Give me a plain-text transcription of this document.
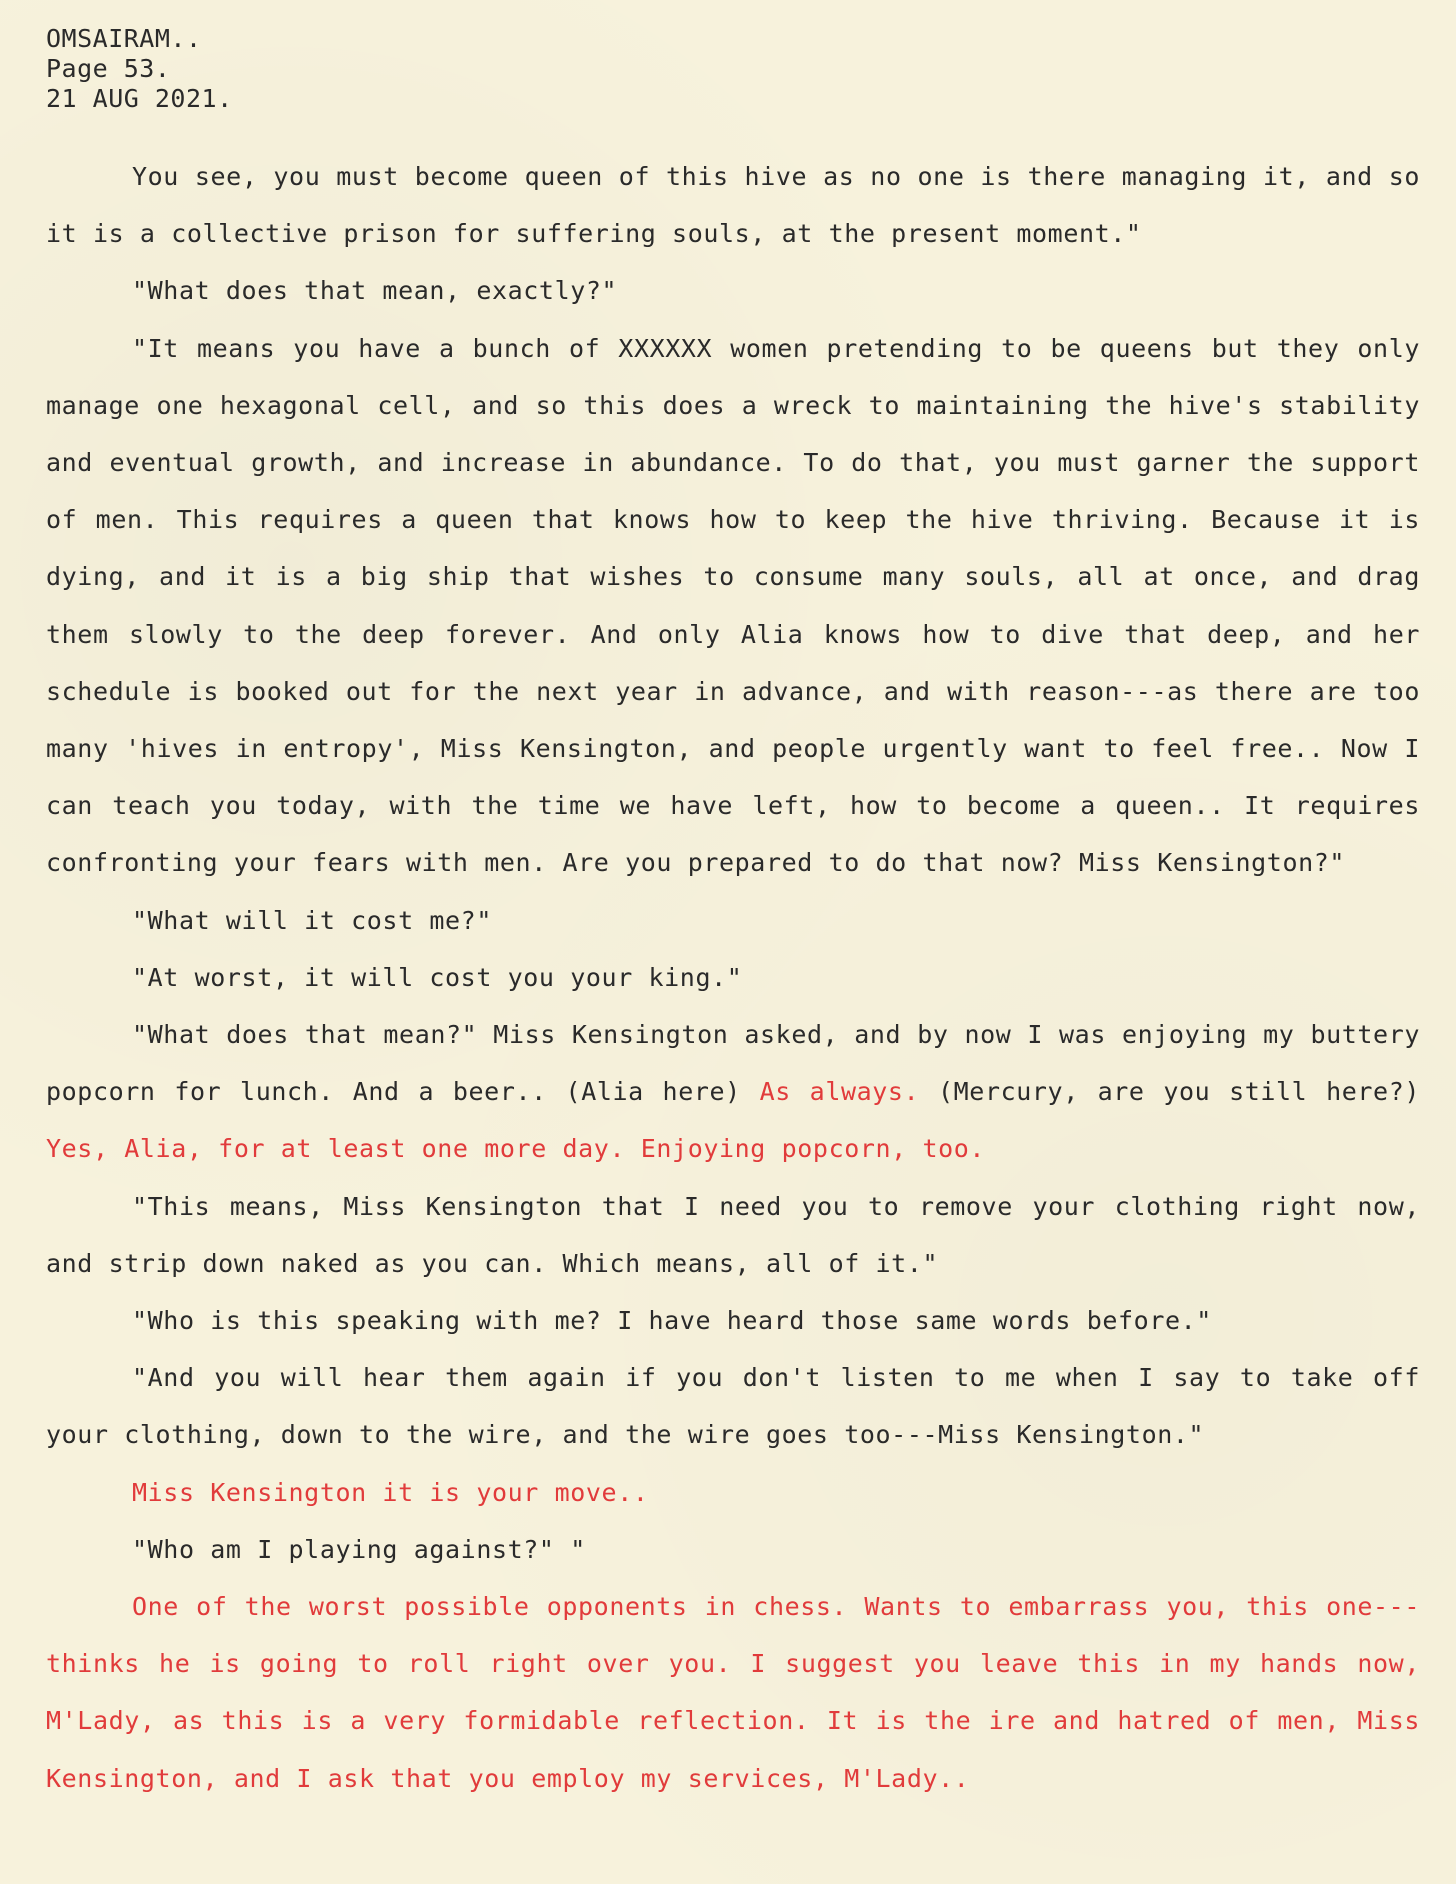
OMSAIRAM..
Page 53.
21 AUG 2021.

You see, you must become queen of this hive as no one is there managing it, and so it is a collective prison for suffering souls, at the present moment."

"What does that mean, exactly?"

"It means you have a bunch of XXXXXX women pretending to be queens but they only manage one hexagonal cell, and so this does a wreck to maintaining the hive's stability and eventual growth, and increase in abundance. To do that, you must garner the support of men. This requires a queen that knows how to keep the hive thriving. Because it is dying, and it is a big ship that wishes to consume many souls, all at once, and drag them slowly to the deep forever. And only Alia knows how to dive that deep, and her schedule is booked out for the next year in advance, and with reason---as there are too many 'hives in entropy', Miss Kensington, and people urgently want to feel free.. Now I can teach you today, with the time we have left, how to become a queen.. It requires confronting your fears with men. Are you prepared to do that now? Miss Kensington?"

"What will it cost me?"

"At worst, it will cost you your king."

"What does that mean?" Miss Kensington asked, and by now I was enjoying my buttery popcorn for lunch. And a beer.. (Alia here) As always. (Mercury, are you still here?) Yes, Alia, for at least one more day. Enjoying popcorn, too.

"This means, Miss Kensington that I need you to remove your clothing right now, and strip down naked as you can. Which means, all of it."

"Who is this speaking with me? I have heard those same words before."

"And you will hear them again if you don't listen to me when I say to take off your clothing, down to the wire, and the wire goes too---Miss Kensington."

Miss Kensington it is your move..

"Who am I playing against?" "

One of the worst possible opponents in chess. Wants to embarrass you, this one---thinks he is going to roll right over you. I suggest you leave this in my hands now, M'Lady, as this is a very formidable reflection. It is the ire and hatred of men, Miss Kensington, and I ask that you employ my services, M'Lady..
